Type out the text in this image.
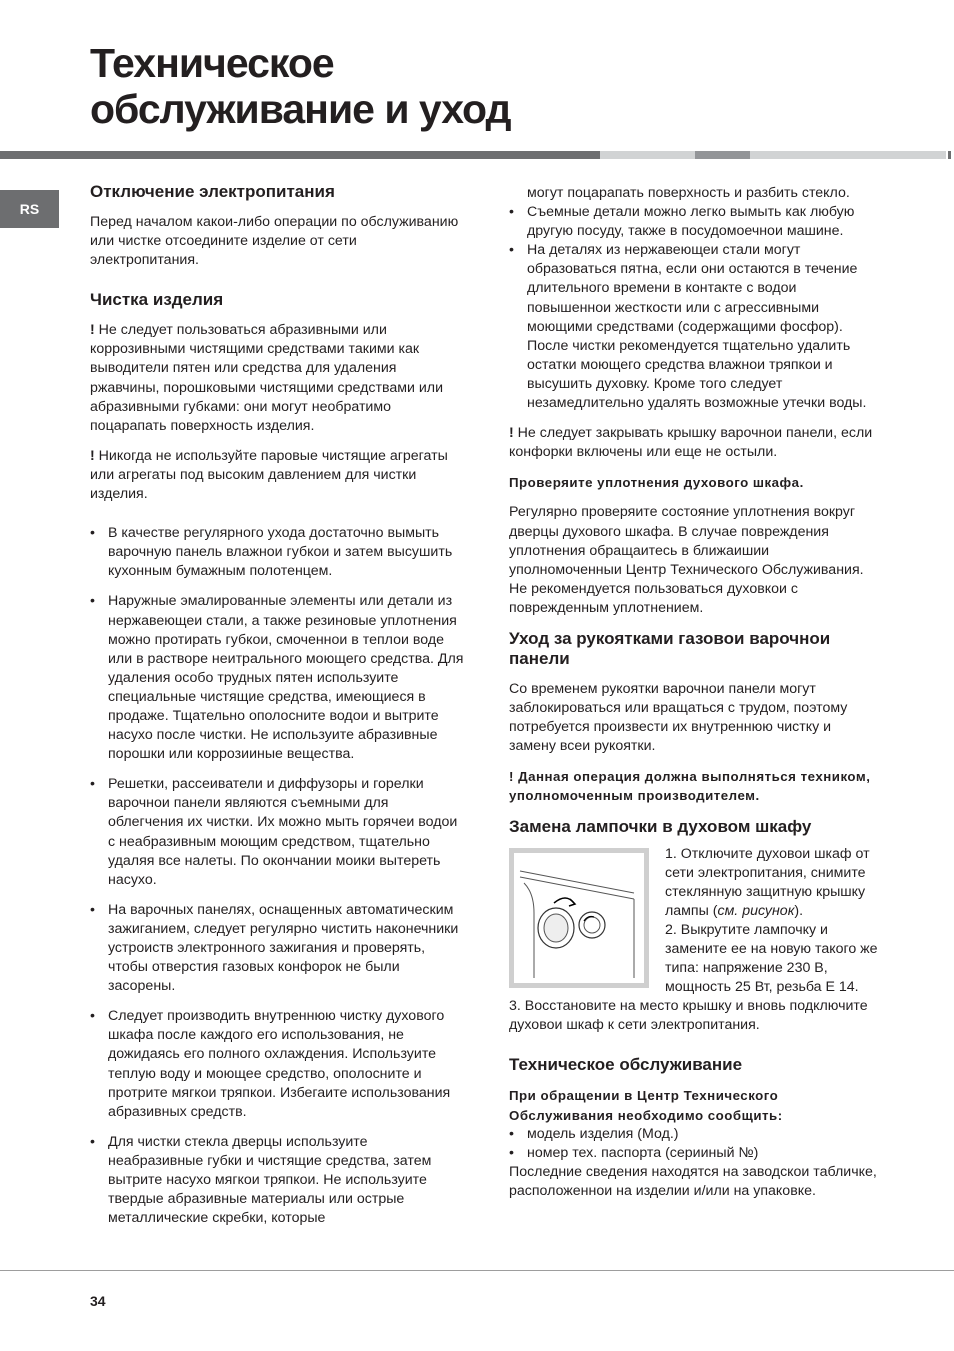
Техническое
обслуживание и уход
RS
Отключение электропитания

Перед началом какои-либо операции по обслуживанию или чистке отсоедините изделие от сети электропитания.

Чистка изделия

! Не следует пользоваться абразивными или коррозивными чистящими средствами такими как выводители пятен или средства для удаления ржавчины, порошковыми чистящими средствами или абразивными губками: они могут необратимо поцарапать поверхность изделия.

! Никогда не используйте паровые чистящие агрегаты или агрегаты под высоким давлением для чистки изделия.

• В качестве регулярного ухода достаточно вымыть варочную панель влажнои губкои и затем высушить кухонным бумажным полотенцем.
• Наружные эмалированные элементы или детали из нержавеющеи стали, а также резиновые уплотнения можно протирать губкои, смоченнои в теплои воде или в растворе неитрального моющего средства. Для удаления особо трудных пятен используите специальные чистящие средства, имеющиеся в продаже. Тщательно ополосните водои и вытрите насухо после чистки. Не используите абразивные порошки или коррозииные вещества.
• Решетки, рассеиватели и диффузоры и горелки варочнои панели являются съемными для облегчения их чистки. Их можно мыть горячеи водои с неабразивным моющим средством, тщательно удаляя все налеты. По окончании моики вытереть насухо.
• На варочных панелях, оснащенных автоматическим зажиганием, следует регулярно чистить наконечники устроиств электронного зажигания и проверять, чтобы отверстия газовых конфорок не были засорены.
• Следует производить внутреннюю чистку духового шкафа после каждого его использования, не дожидаясь его полного охлаждения. Используите теплую воду и моющее средство, ополосните и протрите мягкои тряпкои. Избегаите использования абразивных средств.
• Для чистки стекла дверцы используите неабразивные губки и чистящие средства, затем вытрите насухо мягкои тряпкои. Не используите твердые абразивные материалы или острые металлические скребки, которые

могут поцарапать поверхность и разбить стекло.

• Съемные детали можно легко вымыть как любую другую посуду, также в посудомоечнои машине.
• На деталях из нержавеющеи стали могут образоваться пятна, если они остаются в течение длительного времени в контакте с водои повышеннои жесткости или с агрессивными моющими средствами (содержащими фосфор). После чистки рекомендуется тщательно удалить остатки моющего средства влажнои тряпкои и высушить духовку. Кроме того следует незамедлительно удалять возможные утечки воды.

! Не следует закрывать крышку варочнои панели, если конфорки включены или еще не остыли.

Проверяите уплотнения духового шкафа.

Регулярно проверяите состояние уплотнения вокруг дверцы духового шкафа. В случае повреждения уплотнения обращаитесь в ближаишии уполномоченныи Центр Технического Обслуживания. Не рекомендуется пользоваться духовкои с поврежденным уплотнением.

Уход за рукоятками газовои варочнои панели

Со временем рукоятки варочнои панели могут заблокироваться или вращаться с трудом, поэтому потребуется произвести их внутреннюю чистку и замену всеи рукоятки.

! Данная операция должна выполняться техником, уполномоченным производителем.

Замена лампочки в духовом шкафу

1. Отключите духовои шкаф от сети электропитания, снимите стеклянную защитную крышку лампы (см. рисунок).

2. Выкрутите лампочку и замените ее на новую такого же типа: напряжение 230 В, мощность 25 Вт, резьба Е 14.

3. Восстановите на место крышку и вновь подключите духовои шкаф к сети электропитания.

Техническое обслуживание

При обращении в Центр Технического Обслуживания необходимо сообщить:

• модель изделия (Мод.)
• номер тех. паспорта (серииный №)

Последние сведения находятся на заводскои табличке, расположеннои на изделии и/или на упаковке.

34
